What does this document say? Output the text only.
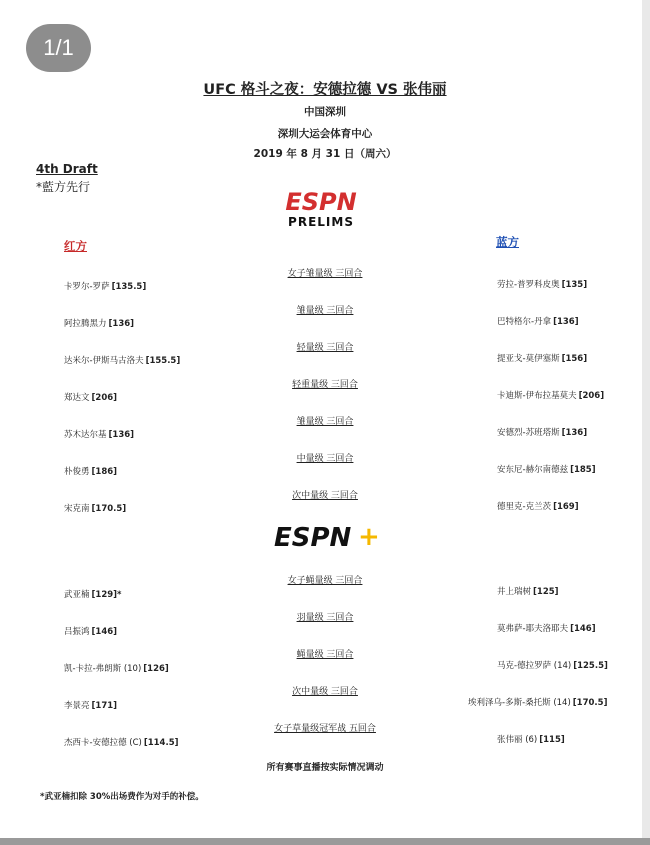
1/1
UFC 格斗之夜：安德拉德 VS 张伟丽
中国深圳
深圳大运会体育中心
2019 年 8 月 31 日（周六）
4th Draft
*藍方先行
红方	蓝方
ESPN
PRELIMS
ESPN +
卡罗尔-罗萨 [135.5]
女子雏量级 三回合
劳拉-普罗科皮奥 [135]
阿拉腾黑力 [136]
雏量级 三回合
巴特格尔-丹拿 [136]
达米尔-伊斯马古洛夫 [155.5]
轻量级 三回合
提亚戈-莫伊塞斯 [156]
郑达文 [206]
轻重量级 三回合
卡迪斯-伊布拉基莫夫 [206]
苏木达尔基 [136]
雏量级 三回合
安德烈-苏班塔斯 [136]
朴俊勇 [186]
中量级 三回合
安东尼-赫尔南德兹 [185]
宋克南 [170.5]
次中量级 三回合
德里克-克兰茨 [169]
武亚楠 [129]*
女子蝇量级 三回合
井上瑞树 [125]
吕振鸿 [146]
羽量级 三回合
莫弗萨-耶夫洛耶夫 [146]
凯-卡拉-弗朗斯 (10) [126]
蝇量级 三回合
马克-德拉罗萨 (14) [125.5]
李景亮 [171]
次中量级 三回合
埃利泽乌-多斯-桑托斯 (14) [170.5]
杰西卡-安德拉德 (C) [114.5]
女子草量级冠军战 五回合
张伟丽 (6) [115]
所有赛事直播按实际情况调动
*武亚楠扣除 30%出场费作为对手的补偿。
